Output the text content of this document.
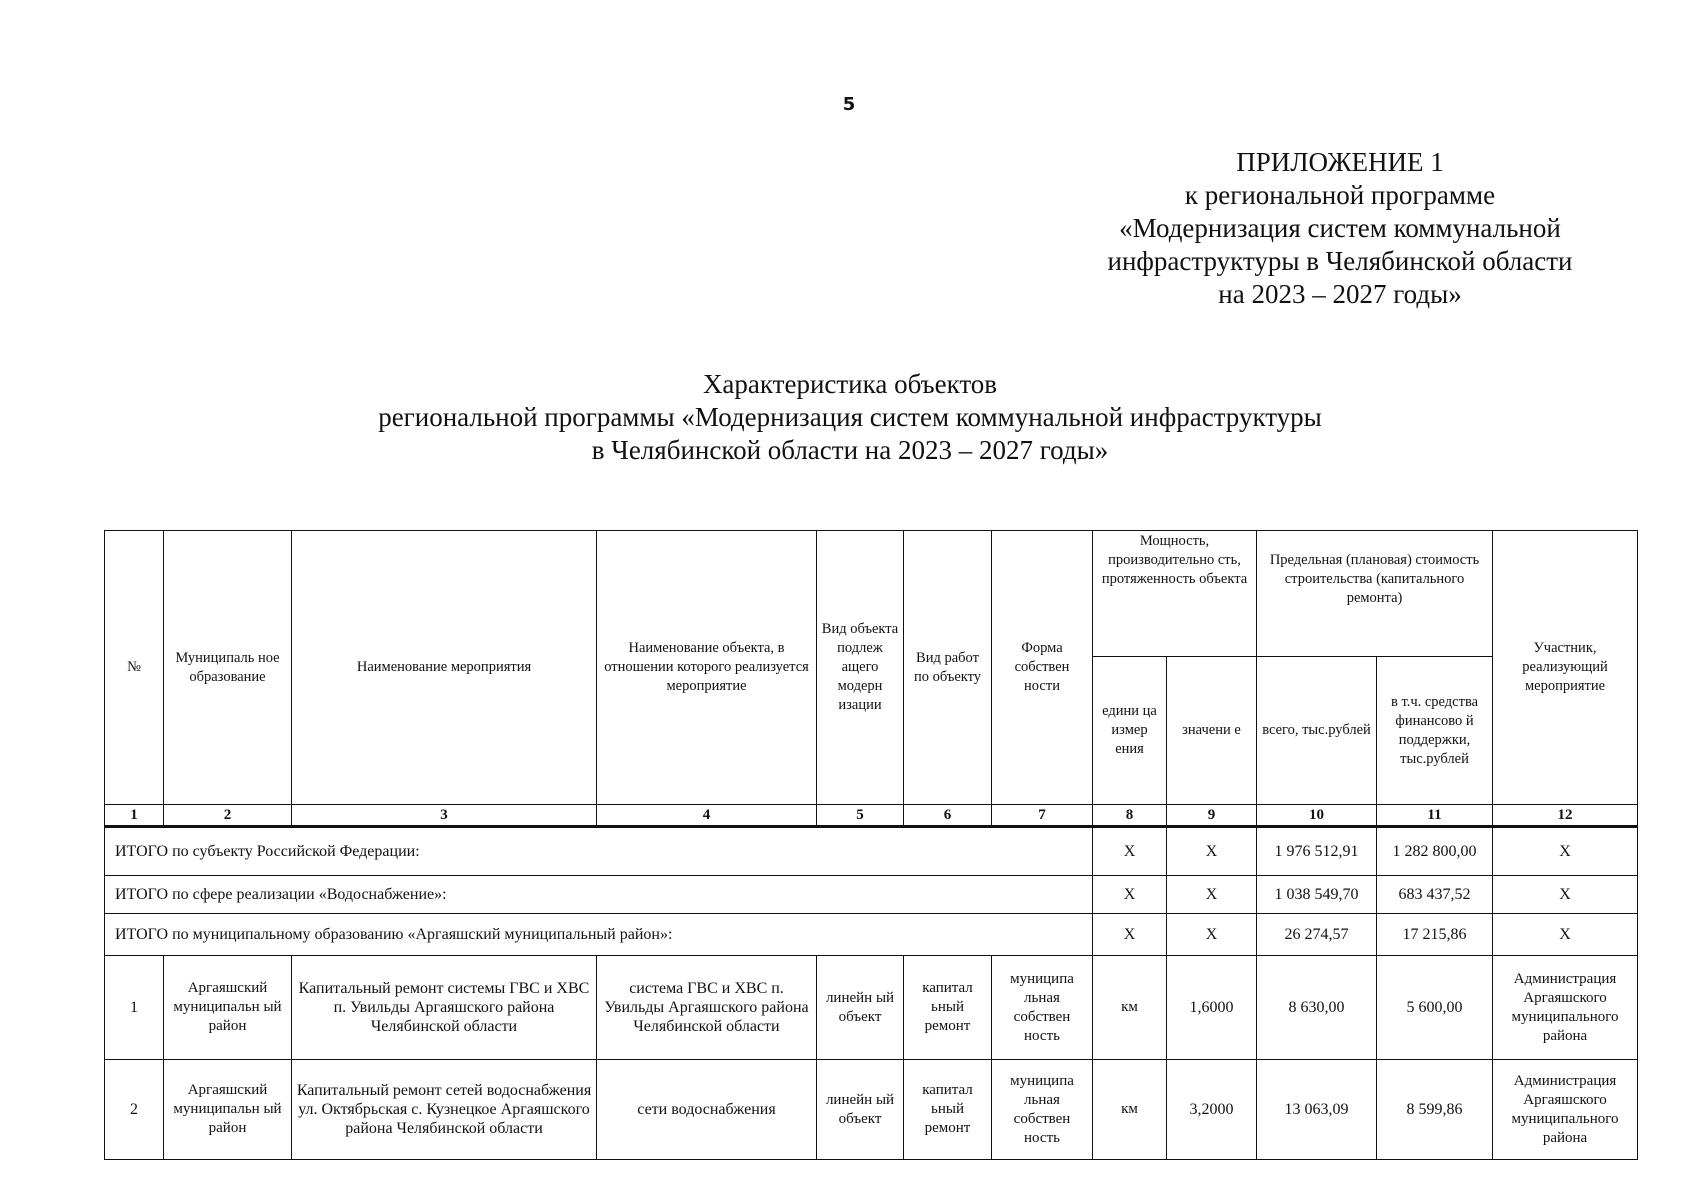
5
ПРИЛОЖЕНИЕ 1
к региональной программе
«Модернизация систем коммунальной
инфраструктуры в Челябинской области
на 2023 – 2027 годы»
Характеристика объектов
региональной программы «Модернизация систем коммунальной инфраструктуры
в Челябинской области на 2023 – 2027 годы»
№	Муниципаль ное образование	Наименование мероприятия	Наименование объекта, в отношении которого реализуется мероприятие	Вид объекта подлеж ащего модерн изации	Вид работ по объекту	Форма собствен ности	Мощность, производительно сть, протяженность объекта		Предельная (плановая) стоимость строительства (капитального ремонта)		Участник, реализующий мероприятие
							едини ца измер ения	значени е	всего, тыс.рублей	в т.ч. средства финансово й поддержки, тыс.рублей	
1	2	3	4	5	6	7	8	9	10	11	12
ИТОГО по субъекту Российской Федерации:							X	X	1 976 512,91	1 282 800,00	X
ИТОГО по сфере реализации «Водоснабжение»:							X	X	1 038 549,70	683 437,52	X
ИТОГО по муниципальному образованию «Аргаяшский муниципальный район»:							X	X	26 274,57	17 215,86	X
1	Аргаяшский муниципальн ый район	Капитальный ремонт системы ГВС и ХВС п. Увильды Аргаяшского района Челябинской области	система ГВС и ХВС п. Увильды Аргаяшского района Челябинской области	линейн ый объект	капитал ьный ремонт	муниципа льная собствен ность	км	1,6000	8 630,00	5 600,00	Администрация Аргаяшского муниципального района
2	Аргаяшский муниципальн ый район	Капитальный ремонт сетей водоснабжения ул. Октябрьская с. Кузнецкое Аргаяшского района Челябинской области	сети водоснабжения	линейн ый объект	капитал ьный ремонт	муниципа льная собствен ность	км	3,2000	13 063,09	8 599,86	Администрация Аргаяшского муниципального района
